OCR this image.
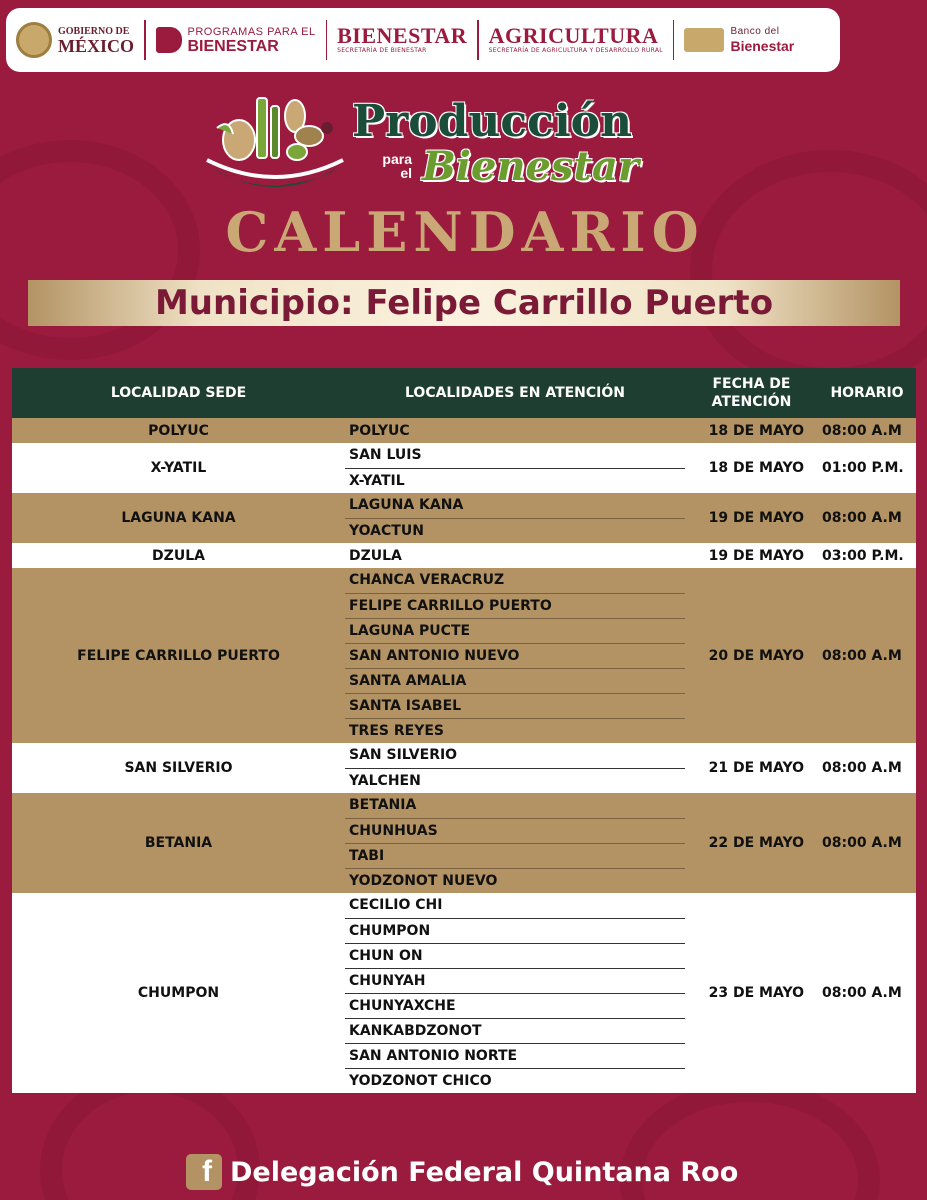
GOBIERNO DE
MÉXICO
PROGRAMAS PARA EL
BIENESTAR	BIENESTAR
SECRETARÍA DE BIENESTAR
AGRICULTURA
SECRETARÍA DE AGRICULTURA Y DESARROLLO RURAL
Banco del
Bienestar
Producción
para
el Bienestar
CALENDARIO
Municipio: Felipe Carrillo Puerto
LOCALIDAD SEDE	LOCALIDADES EN ATENCIÓN	FECHA DE ATENCIÓN	HORARIO
POLYUC	POLYUC	18 DE MAYO	08:00 A.M
X-YATIL	SAN LUIS	18 DE MAYO	01:00 P.M.
	X-YATIL		
LAGUNA KANA	LAGUNA KANA	19 DE MAYO	08:00 A.M
	YOACTUN		
DZULA	DZULA	19 DE MAYO	03:00 P.M.
FELIPE CARRILLO PUERTO	CHANCA VERACRUZ	20 DE MAYO	08:00 A.M
	FELIPE CARRILLO PUERTO		
	LAGUNA PUCTE		
	SAN ANTONIO NUEVO		
	SANTA AMALIA		
	SANTA ISABEL		
	TRES REYES		
SAN SILVERIO	SAN SILVERIO	21 DE MAYO	08:00 A.M
	YALCHEN		
BETANIA	BETANIA	22 DE MAYO	08:00 A.M
	CHUNHUAS		
	TABI		
	YODZONOT NUEVO		
CHUMPON	CECILIO CHI	23 DE MAYO	08:00 A.M
	CHUMPON		
	CHUN ON		
	CHUNYAH		
	CHUNYAXCHE		
	KANKABDZONOT		
	SAN ANTONIO NORTE		
	YODZONOT CHICO		
f Delegación Federal Quintana Roo
